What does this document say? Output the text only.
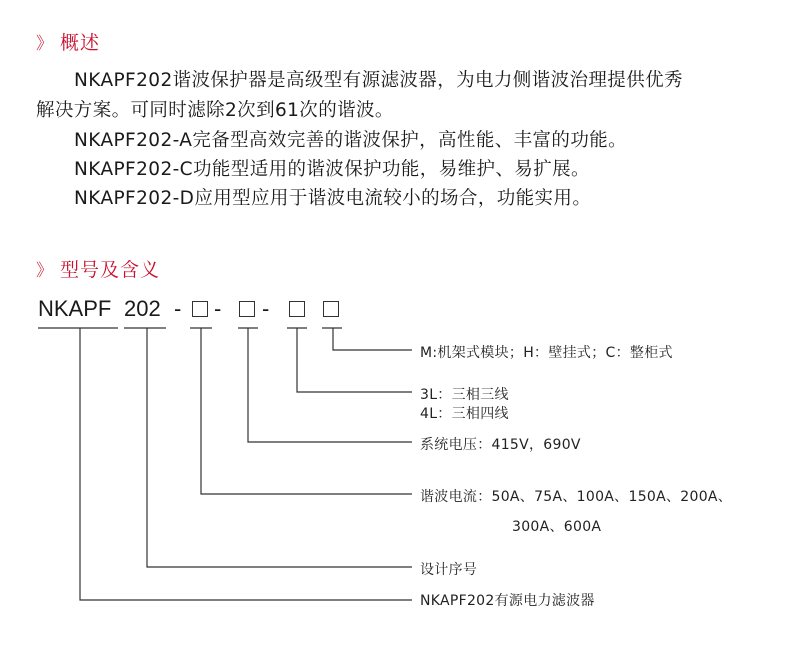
》 概述
NKAPF202谐波保护器是高级型有源滤波器，为电力侧谐波治理提供优秀
解决方案。可同时滤除2次到61次的谐波。
NKAPF202-A完备型高效完善的谐波保护，高性能、丰富的功能。
NKAPF202-C功能型适用的谐波保护功能，易维护、易扩展。
NKAPF202-D应用型应用于谐波电流较小的场合，功能实用。
》 型号及含义
NKAPF 202 - - -
M:机架式模块；H：壁挂式；C：整柜式
3L：三相三线
4L：三相四线
系统电压：415V，690V
谐波电流：50A、75A、100A、150A、200A、
300A、600A
设计序号
NKAPF202有源电力滤波器
